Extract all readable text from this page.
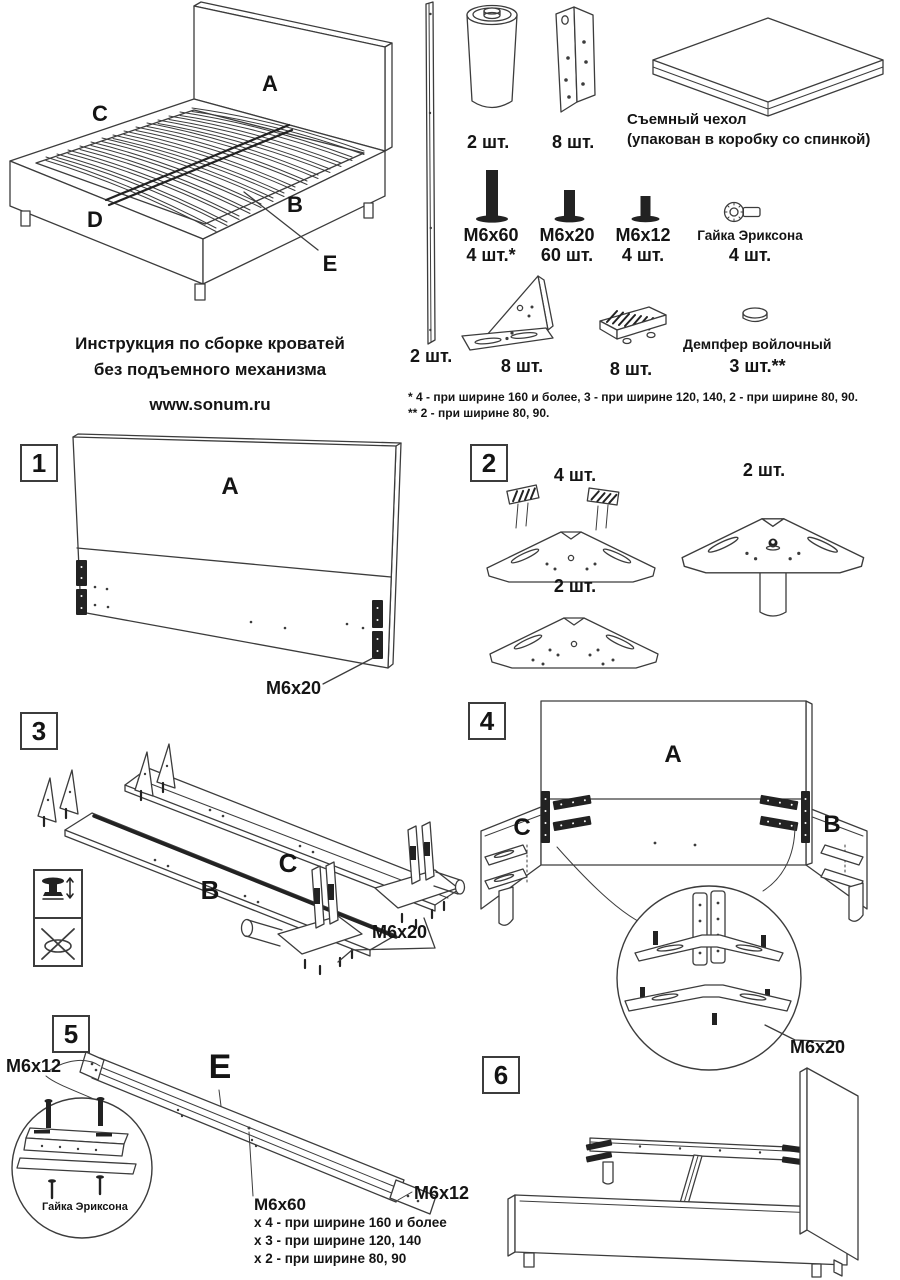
A
C
B
D
E
Инструкция по сборке кроватей
без подъемного механизма
www.sonum.ru
2 шт.
2 шт. 8 шт.
Съемный чехол
(упакован в коробку со спинкой)
M6x60
4 шт.*
M6x20
60 шт.
M6x12
4 шт.
Гайка Эриксона
4 шт.
8 шт.	8 шт.
Демпфер войлочный
3 шт.**
* 4 - при ширине 160 и более, 3 - при ширине 120, 140, 2 - при ширине 80, 90.
** 2 - при ширине 80, 90.
1
A
M6x20
2	4 шт.	2 шт.
2 шт.
3
B
C
M6x20
4
A
C	B
M6x20
5
M6x12	E
Гайка Эриксона	M6x60
x 4 - при ширине 160 и более
x 3 - при ширине 120, 140
x 2 - при ширине 80, 90
M6x12
6
